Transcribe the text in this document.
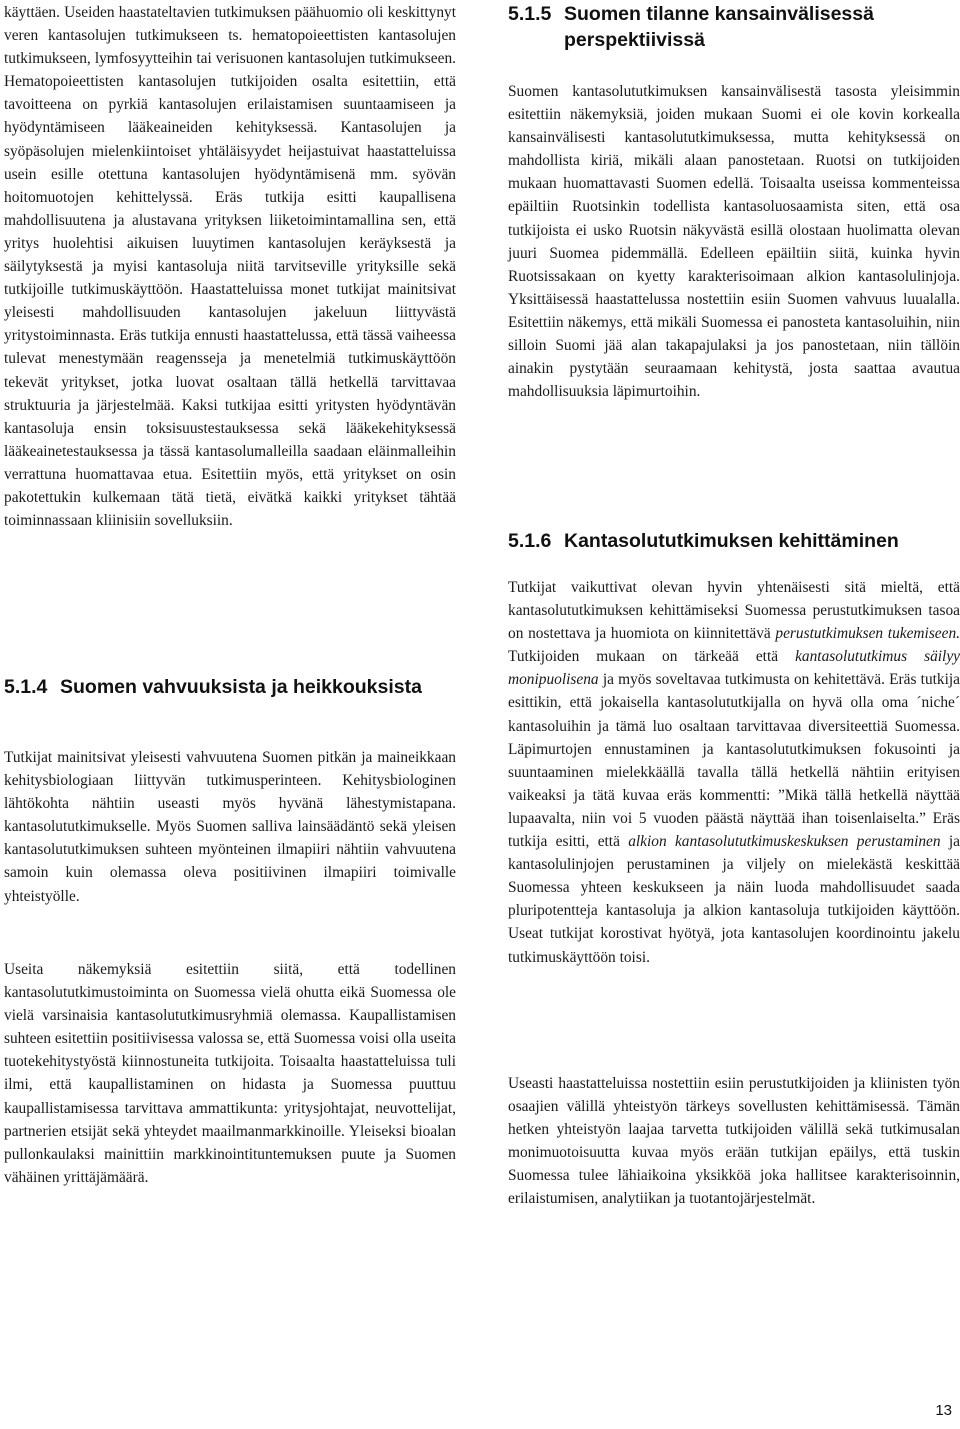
käyttäen. Useiden haastateltavien tutkimuksen päähuomio oli keskittynyt veren kantasolujen tutkimukseen ts. hematopoieettisten kantasolujen tutkimukseen, lymfosyytteihin tai verisuonen kantasolujen tutkimukseen. Hematopoieettisten kantasolujen tutkijoiden osalta esitettiin, että tavoitteena on pyrkiä kantasolujen erilaistamisen suuntaamiseen ja hyödyntämiseen lääkeaineiden kehityksessä. Kantasolujen ja syöpäsolujen mielenkiintoiset yhtäläisyydet heijastuivat haastatteluissa usein esille otettuna kantasolujen hyödyntämisenä mm. syövän hoitomuotojen kehittelyssä. Eräs tutkija esitti kaupallisena mahdollisuutena ja alustavana yrityksen liiketoimintamallina sen, että yritys huolehtisi aikuisen luuytimen kantasolujen keräyksestä ja säilytyksestä ja myisi kantasoluja niitä tarvitseville yrityksille sekä tutkijoille tutkimuskäyttöön. Haastatteluissa monet tutkijat mainitsivat yleisesti mahdollisuuden kantasolujen jakeluun liittyvästä yritystoiminnasta. Eräs tutkija ennusti haastattelussa, että tässä vaiheessa tulevat menestymään reagensseja ja menetelmiä tutkimuskäyttöön tekevät yritykset, jotka luovat osaltaan tällä hetkellä tarvittavaa struktuuria ja järjestelmää. Kaksi tutkijaa esitti yritysten hyödyntävän kantasoluja ensin toksisuustestauksessa sekä lääkekehityksessä lääkeainetestauksessa ja tässä kantasolumalleilla saadaan eläinmalleihin verrattuna huomattavaa etua. Esitettiin myös, että yritykset on osin pakotettukin kulkemaan tätä tietä, eivätkä kaikki yritykset tähtää toiminnassaan kliinisiin sovelluksiin.

5.1.4 Suomen vahvuuksista ja heikkouksista

Tutkijat mainitsivat yleisesti vahvuutena Suomen pitkän ja maineikkaan kehitysbiologiaan liittyvän tutkimusperinteen. Kehitysbiologinen lähtökohta nähtiin useasti myös hyvänä lähestymistapana. kantasolututkimukselle. Myös Suomen salliva lainsäädäntö sekä yleisen kantasolututkimuksen suhteen myönteinen ilmapiiri nähtiin vahvuutena samoin kuin olemassa oleva positiivinen ilmapiiri toimivalle yhteistyölle.

Useita näkemyksiä esitettiin siitä, että todellinen kantasolututkimustoiminta on Suomessa vielä ohutta eikä Suomessa ole vielä varsinaisia kantasolututkimusryhmiä olemassa. Kaupallistamisen suhteen esitettiin positiivisessa valossa se, että Suomessa voisi olla useita tuotekehitystyöstä kiinnostuneita tutkijoita. Toisaalta haastatteluissa tuli ilmi, että kaupallistaminen on hidasta ja Suomessa puuttuu kaupallistamisessa tarvittava ammattikunta: yritysjohtajat, neuvottelijat, partnerien etsijät sekä yhteydet maailmanmarkkinoille. Yleiseksi bioalan pullonkaulaksi mainittiin markkinointituntemuksen puute ja Suomen vähäinen yrittäjämäärä.

5.1.5 Suomen tilanne kansainvälisessä perspektiivissä

Suomen kantasolututkimuksen kansainvälisestä tasosta yleisimmin esitettiin näkemyksiä, joiden mukaan Suomi ei ole kovin korkealla kansainvälisesti kantasolututkimuksessa, mutta kehityksessä on mahdollista kiriä, mikäli alaan panostetaan. Ruotsi on tutkijoiden mukaan huomattavasti Suomen edellä. Toisaalta useissa kommenteissa epäiltiin Ruotsinkin todellista kantasoluosaamista siten, että osa tutkijoista ei usko Ruotsin näkyvästä esillä olostaan huolimatta olevan juuri Suomea pidemmällä. Edelleen epäiltiin siitä, kuinka hyvin Ruotsissakaan on kyetty karakterisoimaan alkion kantasolulinjoja. Yksittäisessä haastattelussa nostettiin esiin Suomen vahvuus luualalla. Esitettiin näkemys, että mikäli Suomessa ei panosteta kantasoluihin, niin silloin Suomi jää alan takapajulaksi ja jos panostetaan, niin tällöin ainakin pystytään seuraamaan kehitystä, josta saattaa avautua mahdollisuuksia läpimurtoihin.

5.1.6 Kantasolututkimuksen kehittäminen

Tutkijat vaikuttivat olevan hyvin yhtenäisesti sitä mieltä, että kantasolututkimuksen kehittämiseksi Suomessa perustutkimuksen tasoa on nostettava ja huomiota on kiinnitettävä perustutkimuksen tukemiseen. Tutkijoiden mukaan on tärkeää että kantasolututkimus säilyy monipuolisena ja myös soveltavaa tutkimusta on kehitettävä. Eräs tutkija esittikin, että jokaisella kantasolututkijalla on hyvä olla oma ´niche´ kantasoluihin ja tämä luo osaltaan tarvittavaa diversiteettiä Suomessa. Läpimurtojen ennustaminen ja kantasolututkimuksen fokusointi ja suuntaaminen mielekkäällä tavalla tällä hetkellä nähtiin erityisen vaikeaksi ja tätä kuvaa eräs kommentti: ”Mikä tällä hetkellä näyttää lupaavalta, niin voi 5 vuoden päästä näyttää ihan toisenlaiselta.” Eräs tutkija esitti, että alkion kantasolututkimuskeskuksen perustaminen ja kantasolulinjojen perustaminen ja viljely on mielekästä keskittää Suomessa yhteen keskukseen ja näin luoda mahdollisuudet saada pluripotentteja kantasoluja ja alkion kantasoluja tutkijoiden käyttöön. Useat tutkijat korostivat hyötyä, jota kantasolujen koordinointu jakelu tutkimuskäyttöön toisi.

Useasti haastatteluissa nostettiin esiin perustutkijoiden ja kliinisten työn osaajien välillä yhteistyön tärkeys sovellusten kehittämisessä. Tämän hetken yhteistyön laajaa tarvetta tutkijoiden välillä sekä tutkimusalan monimuotoisuutta kuvaa myös erään tutkijan epäilys, että tuskin Suomessa tulee lähiaikoina yksikköä joka hallitsee karakterisoinnin, erilaistumisen, analytiikan ja tuotantojärjestelmät.

13
